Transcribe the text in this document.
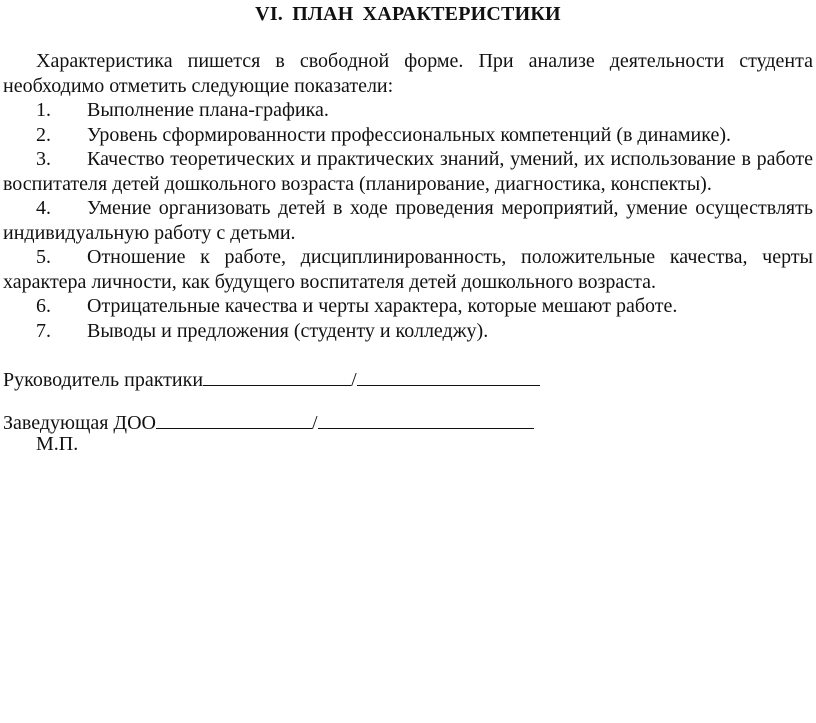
VI. ПЛАН ХАРАКТЕРИСТИКИ

Характеристика пишется в свободной форме. При анализе деятельности студента необходимо отметить следующие показатели:

1. Выполнение плана-графика.

2. Уровень сформированности профессиональных компетенций (в динамике).

3. Качество теоретических и практических знаний, умений, их использование в работе воспитателя детей дошкольного возраста (планирование, диагностика, конспекты).

4. Умение организовать детей в ходе проведения мероприятий, умение осуществлять индивидуальную работу с детьми.

5. Отношение к работе, дисциплинированность, положительные качества, черты характера личности, как будущего воспитателя детей дошкольного возраста.

6. Отрицательные качества и черты характера, которые мешают работе.

7. Выводы и предложения (студенту и колледжу).

Руководитель практики	/

Заведующая ДОО	/

М.П.
